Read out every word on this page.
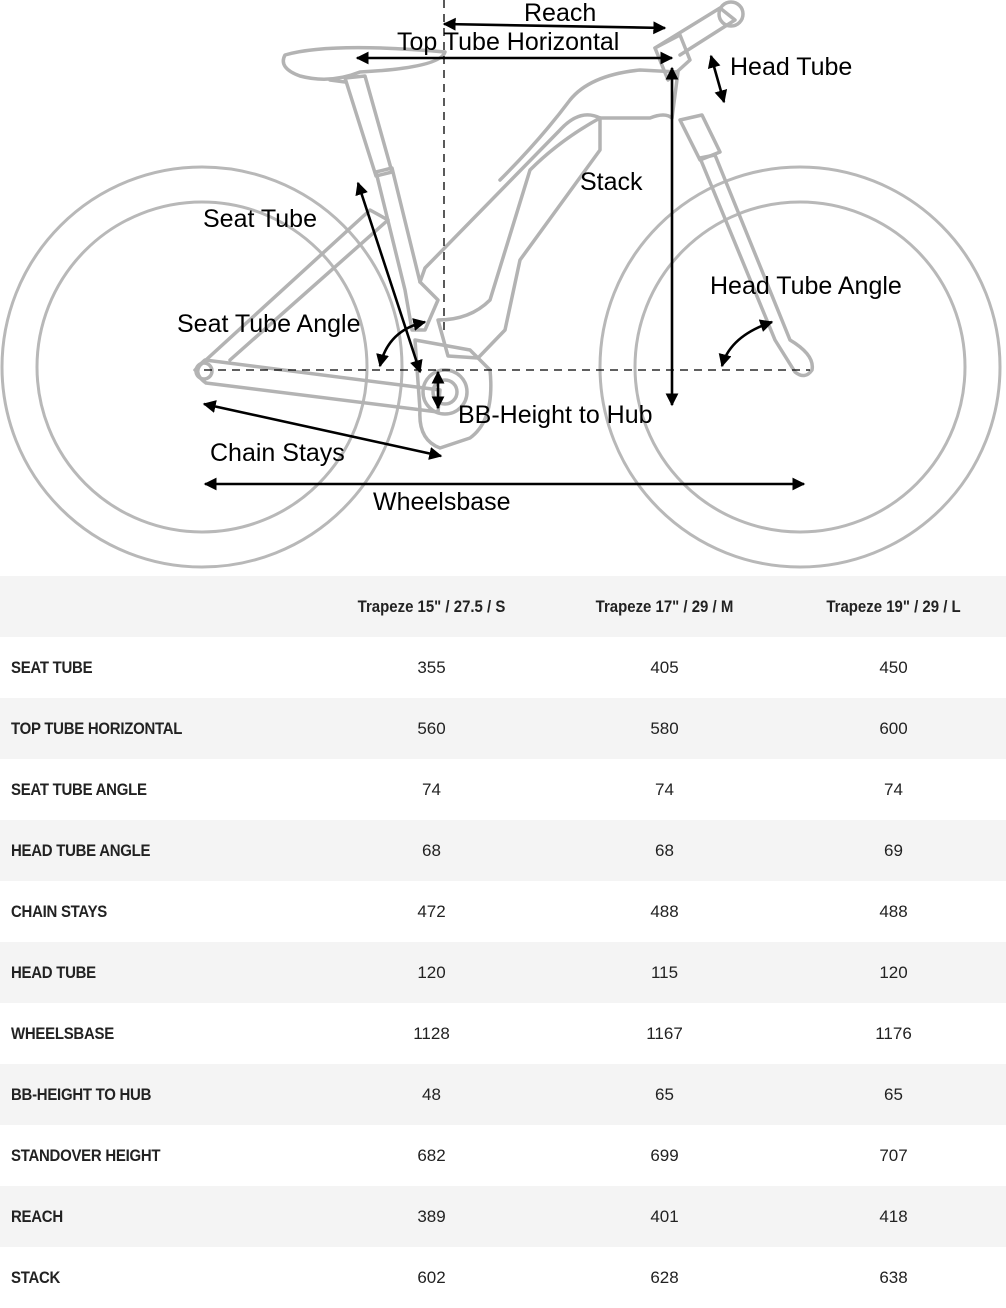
Reach
Top Tube Horizontal
Head Tube
Stack
Seat Tube
Head Tube Angle
Seat Tube Angle
BB-Height to Hub
Chain Stays
Wheelsbase
	Trapeze 15" / 27.5 / S	Trapeze 17" / 29 / M	Trapeze 19" / 29 / L
SEAT TUBE	355	405	450
TOP TUBE HORIZONTAL	560	580	600
SEAT TUBE ANGLE	74	74	74
HEAD TUBE ANGLE	68	68	69
CHAIN STAYS	472	488	488
HEAD TUBE	120	115	120
WHEELSBASE	1128	1167	1176
BB-HEIGHT TO HUB	48	65	65
STANDOVER HEIGHT	682	699	707
REACH	389	401	418
STACK	602	628	638
